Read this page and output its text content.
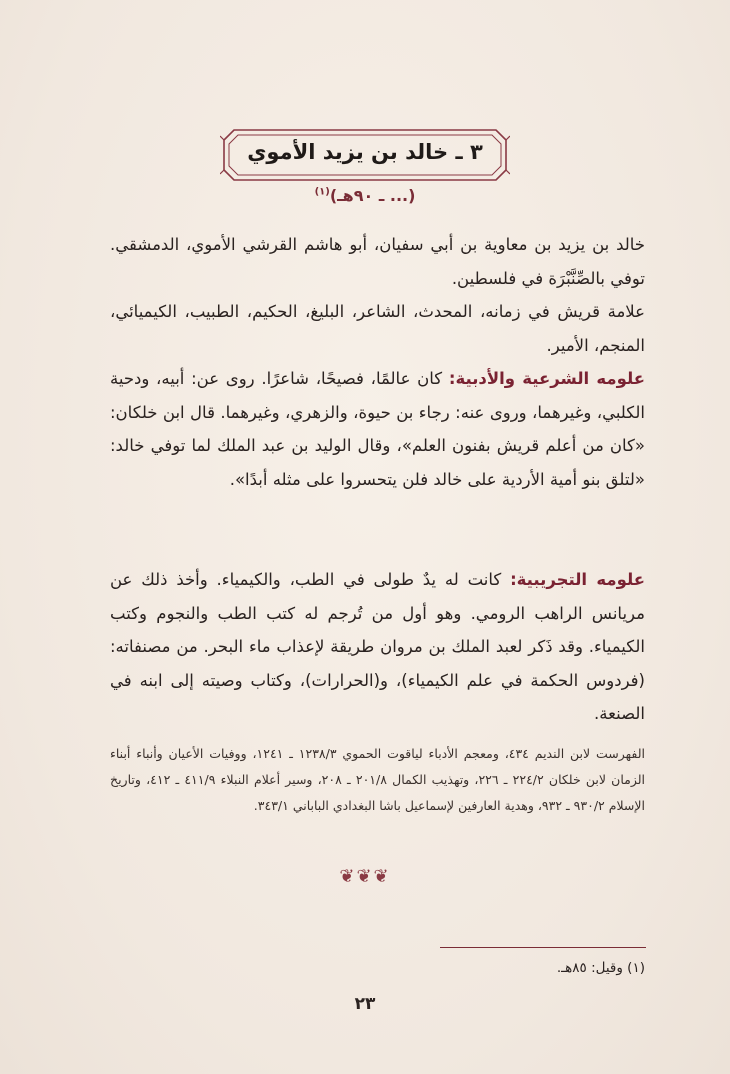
٣ ـ خالد بن يزيد الأموي
(... ـ ٩٠هـ)$^{(١)}$
خالد بن يزيد بن معاوية بن أبي سفيان، أبو هاشم القرشي الأموي، الدمشقي. توفي بالصِّنَّبْرَة في فلسطين.
علامة قريش في زمانه، المحدث، الشاعر، البليغ، الحكيم، الطبيب، الكيميائي، المنجم، الأمير.
علومه الشرعية والأدبية: كان عالمًا، فصيحًا، شاعرًا. روى عن: أبيه، ودحية الكلبي، وغيرهما، وروى عنه: رجاء بن حيوة، والزهري، وغيرهما. قال ابن خلكان: «كان من أعلم قريش بفنون العلم»، وقال الوليد بن عبد الملك لما توفي خالد: «لتلق بنو أمية الأردية على خالد فلن يتحسروا على مثله أبدًا».
علومه التجريبية: كانت له يدٌ طولى في الطب، والكيمياء. وأخذ ذلك عن مريانس الراهب الرومي. وهو أول من تُرجم له كتب الطب والنجوم وكتب الكيمياء. وقد ذَكر لعبد الملك بن مروان طريقة لإعذاب ماء البحر. من مصنفاته: (فردوس الحكمة في علم الكيمياء)، و(الحرارات)، وكتاب وصيته إلى ابنه في الصنعة.
الفهرست لابن النديم ٤٣٤، ومعجم الأدباء لياقوت الحموي ١٢٣٨/٣ ـ ١٢٤١، ووفيات الأعيان وأنباء أبناء الزمان لابن خلكان ٢٢٤/٢ ـ ٢٢٦، وتهذيب الكمال ٢٠١/٨ ـ ٢٠٨، وسير أعلام النبلاء ٤١١/٩ ـ ٤١٢، وتاريخ الإسلام ٩٣٠/٢ ـ ٩٣٢، وهدية العارفين لإسماعيل باشا البغدادي الباباني ٣٤٣/١.
❦❦❦
(١) وقيل: ٨٥هـ.
٢٣
